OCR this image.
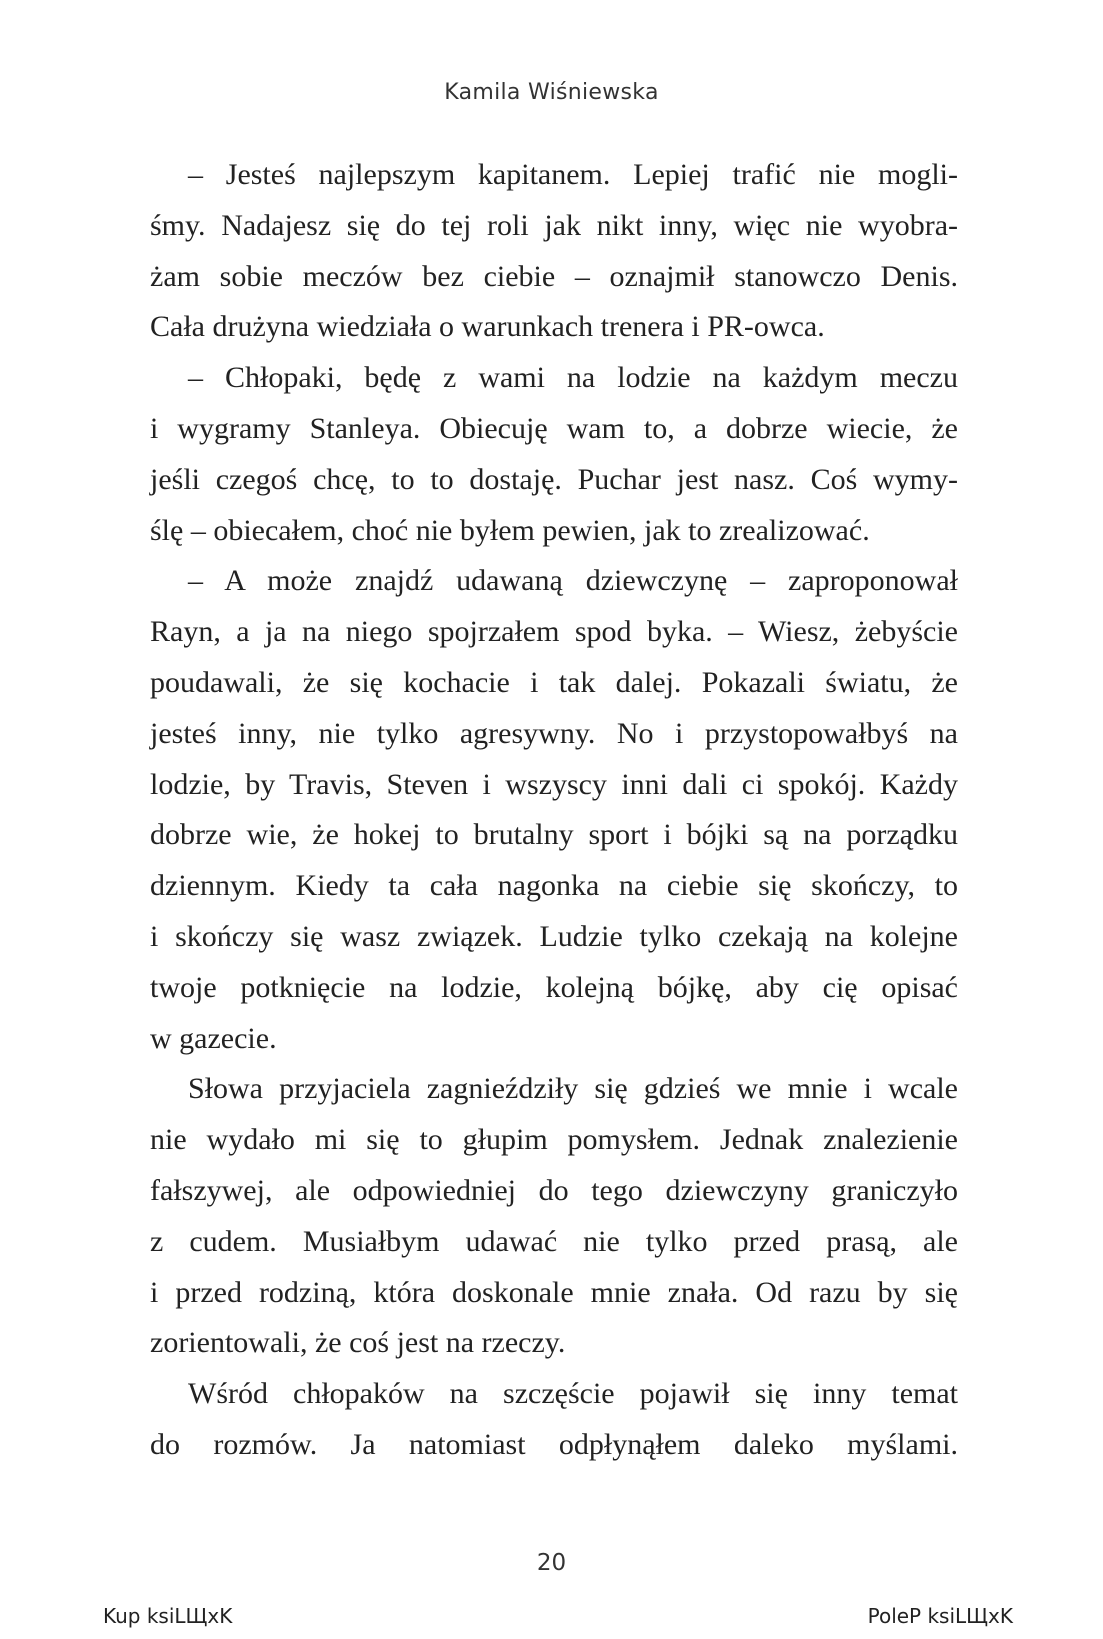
Kamila Wiśniewska
– Jesteś najlepszym kapitanem. Lepiej trafić nie mogli-
śmy. Nadajesz się do tej roli jak nikt inny, więc nie wyobra-
żam sobie meczów bez ciebie – oznajmił stanowczo Denis.
Cała drużyna wiedziała o warunkach trenera i PR-owca.
– Chłopaki, będę z wami na lodzie na każdym meczu
i wygramy Stanleya. Obiecuję wam to, a dobrze wiecie, że
jeśli czegoś chcę, to to dostaję. Puchar jest nasz. Coś wymy-
ślę – obiecałem, choć nie byłem pewien, jak to zrealizować.
– A może znajdź udawaną dziewczynę – zaproponował
Rayn, a ja na niego spojrzałem spod byka. – Wiesz, żebyście
poudawali, że się kochacie i tak dalej. Pokazali światu, że
jesteś inny, nie tylko agresywny. No i przystopowałbyś na
lodzie, by Travis, Steven i wszyscy inni dali ci spokój. Każdy
dobrze wie, że hokej to brutalny sport i bójki są na porządku
dziennym. Kiedy ta cała nagonka na ciebie się skończy, to
i skończy się wasz związek. Ludzie tylko czekają na kolejne
twoje potknięcie na lodzie, kolejną bójkę, aby cię opisać
w gazecie.
Słowa przyjaciela zagnieździły się gdzieś we mnie i wcale
nie wydało mi się to głupim pomysłem. Jednak znalezienie
fałszywej, ale odpowiedniej do tego dziewczyny graniczyło
z cudem. Musiałbym udawać nie tylko przed prasą, ale
i przed rodziną, która doskonale mnie znała. Od razu by się
zorientowali, że coś jest na rzeczy.
Wśród chłopaków na szczęście pojawił się inny temat
do rozmów. Ja natomiast odpłynąłem daleko myślami.
20
Kup ksiLЩxK	PoleP ksiLЩxK
